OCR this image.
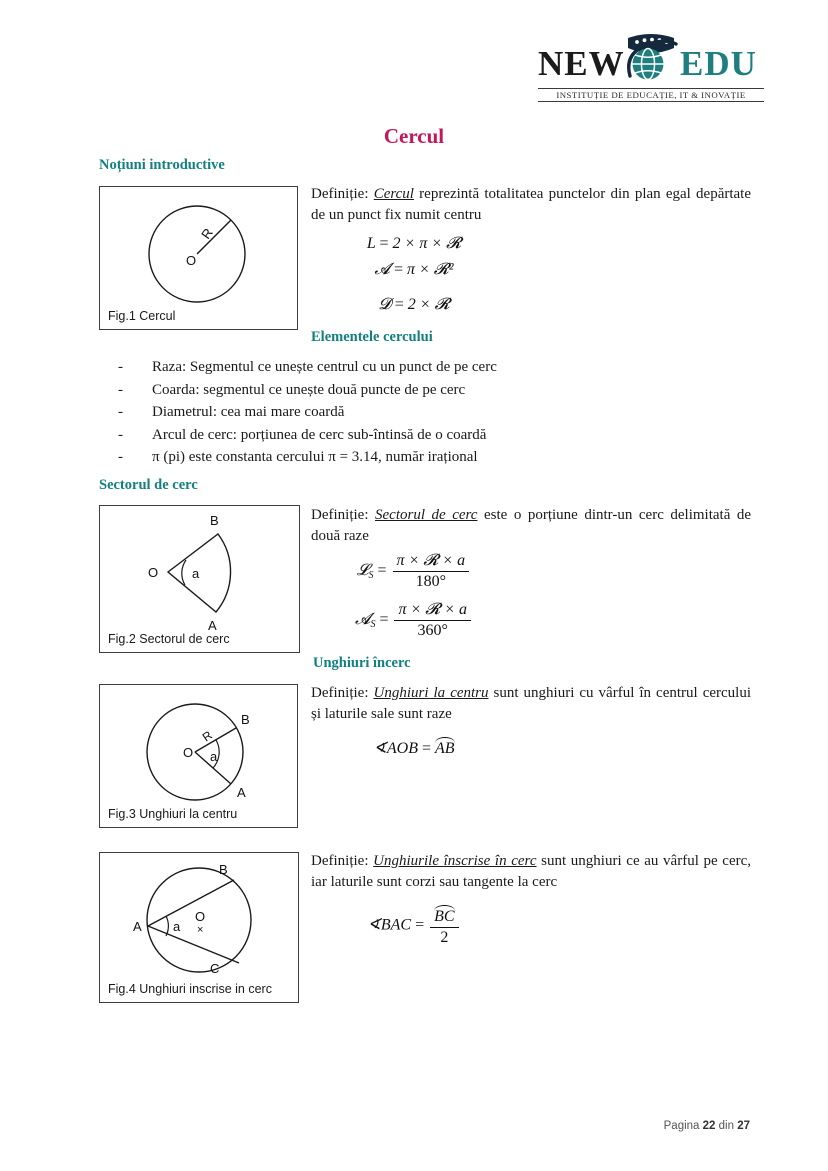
NEW EDU
INSTITUȚIE DE EDUCAȚIE, IT & INOVAȚIE
Cercul
Noțiuni introductive
O
R
Fig.1 Cercul
Definiție: Cercul reprezintă totalitatea punctelor din plan egal depărtate de un punct fix numit centru
L = 2 × π × 𝓡
𝓐 = π × 𝓡²
𝓓 = 2 × 𝓡
Elementele cercului
- Raza: Segmentul ce unește centrul cu un punct de pe cerc
- Coarda: segmentul ce unește două puncte de pe cerc
- Diametrul: cea mai mare coardă
- Arcul de cerc: porțiunea de cerc sub-întinsă de o coardă
- π (pi) este constanta cercului π = 3.14, număr irațional
Sectorul de cerc
O
B
A
a
Fig.2 Sectorul de cerc
Definiție: Sectorul de cerc este o porțiune dintr-un cerc delimitată de două raze
𝓛$_S$ = $\frac{\text{π × 𝓡 × a}}{180^\circ}$
𝓐$_S$ = $\frac{\text{π × 𝓡 × a}}{360^\circ}$
Unghiuri încerc
O
B
A
a
R
Fig.3 Unghiuri la centru
Definiție: Unghiuri la centru sunt unghiuri cu vârful în centrul cercului și laturile sale sunt raze
∢AOB =
AB
A
B
C
a
O
×
Fig.4 Unghiuri inscrise in cerc
Definiție: Unghiurile înscrise în cerc sunt unghiuri ce au vârful pe cerc, iar laturile sunt corzi sau tangente la cerc
∢BAC = $\frac{BC}{2}$
Pagina 22 din 27
